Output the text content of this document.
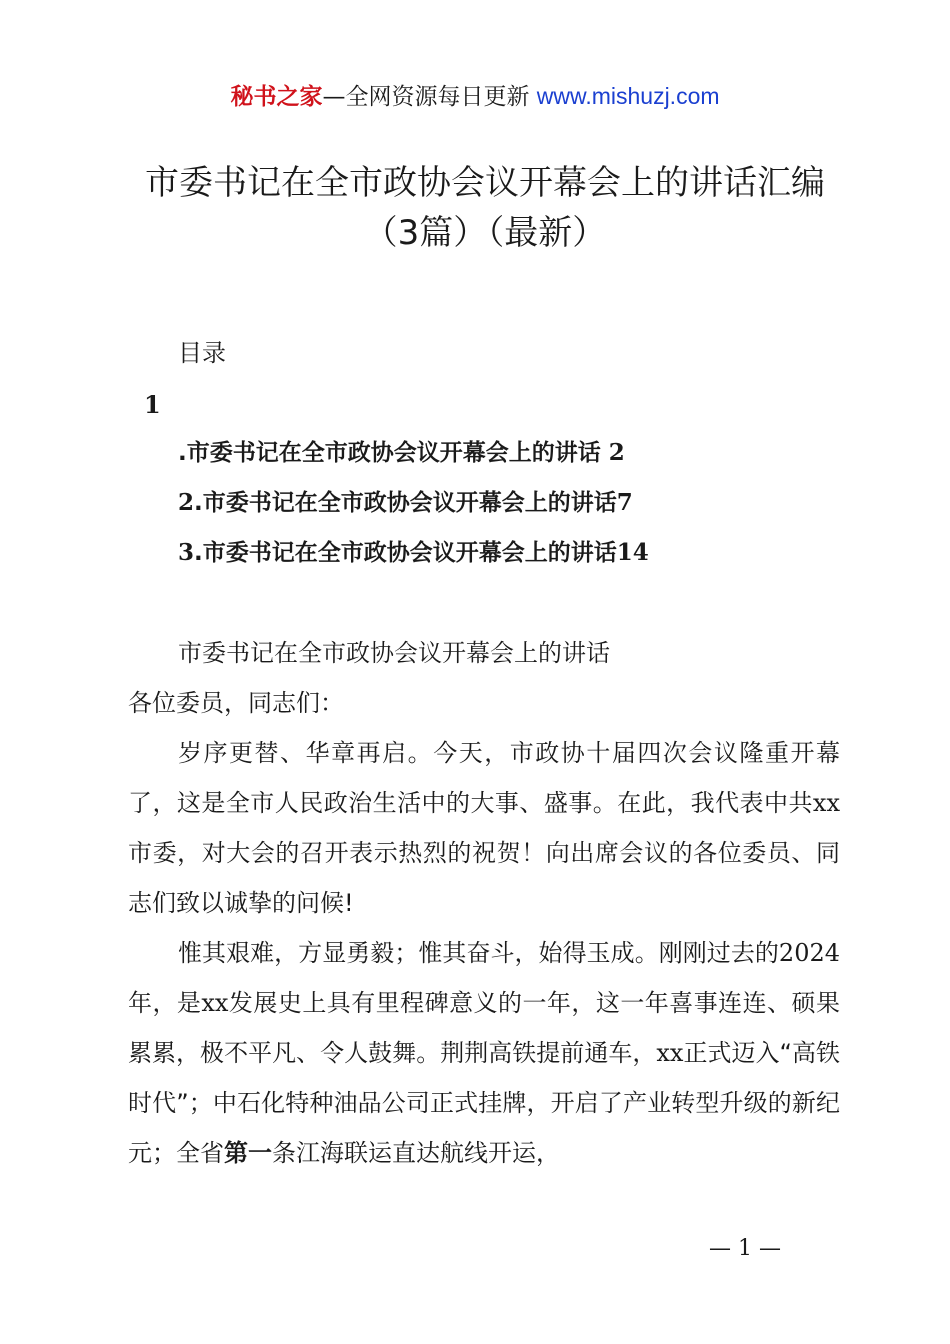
秘书之家—全网资源每日更新 www.mishuzj.com
市委书记在全市政协会议开幕会上的讲话汇编（3篇）（最新）
目录
1
.市委书记在全市政协会议开幕会上的讲话 2
2.市委书记在全市政协会议开幕会上的讲话7
3.市委书记在全市政协会议开幕会上的讲话14
市委书记在全市政协会议开幕会上的讲话
各位委员，同志们：

岁序更替、华章再启。今天，市政协十届四次会议隆重开幕了，这是全市人民政治生活中的大事、盛事。在此，我代表中共xx市委，对大会的召开表示热烈的祝贺！向出席会议的各位委员、同志们致以诚挚的问候!

惟其艰难，方显勇毅；惟其奋斗，始得玉成。刚刚过去的2024年，是xx发展史上具有里程碑意义的一年，这一年喜事连连、硕果累累，极不平凡、令人鼓舞。荆荆高铁提前通车，xx正式迈入“高铁时代”；中石化特种油品公司正式挂牌，开启了产业转型升级的新纪元；全省第一条江海联运直达航线开运，

— 1 —
